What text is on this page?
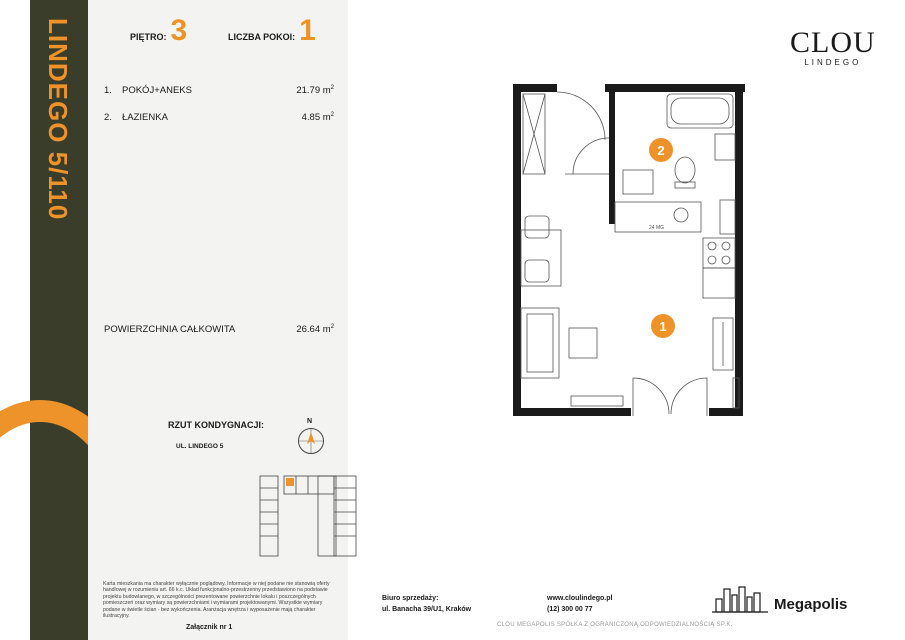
LINDEGO 5/110	PIĘTRO: 3	LICZBA POKOI: 1
1.	POKÓJ+ANEKS	21.79 $m^2$
2.	ŁAZIENKA	4.85 $m^2$
POWIERZCHNIA CAŁKOWITA	26.64 $m^2$
RZUT KONDYGNACJI:
UL. LINDEGO 5
N
Karta mieszkania ma charakter wyłącznie poglądowy. Informacje w niej podane nie stanowią oferty handlowej w rozumieniu art. 66 k.c. Układ funkcjonalno-przestrzenny przedstawiono na podstawie projektu budowlanego, w szczególności prezentowane powierzchnie lokalu i poszczególnych pomieszczeń oraz wymiary są powierzchniami i wymiarami projektowanymi. Wszystkie wymiary podane w świetle ścian - bez wykończenia. Aranżacja wnętrza i wyposażenie mają charakter ilustracyjny.
Załącznik nr 1
CLOU
LINDEGO
2
1
24 MG
Biuro sprzedaży:
ul. Banacha 39/U1, Kraków
www.cloulindego.pl
(12) 300 00 77	Megapolis
CLOU MEGAPOLIS SPÓŁKA Z OGRANICZONĄ ODPOWIEDZIALNOŚCIĄ SP.K.
